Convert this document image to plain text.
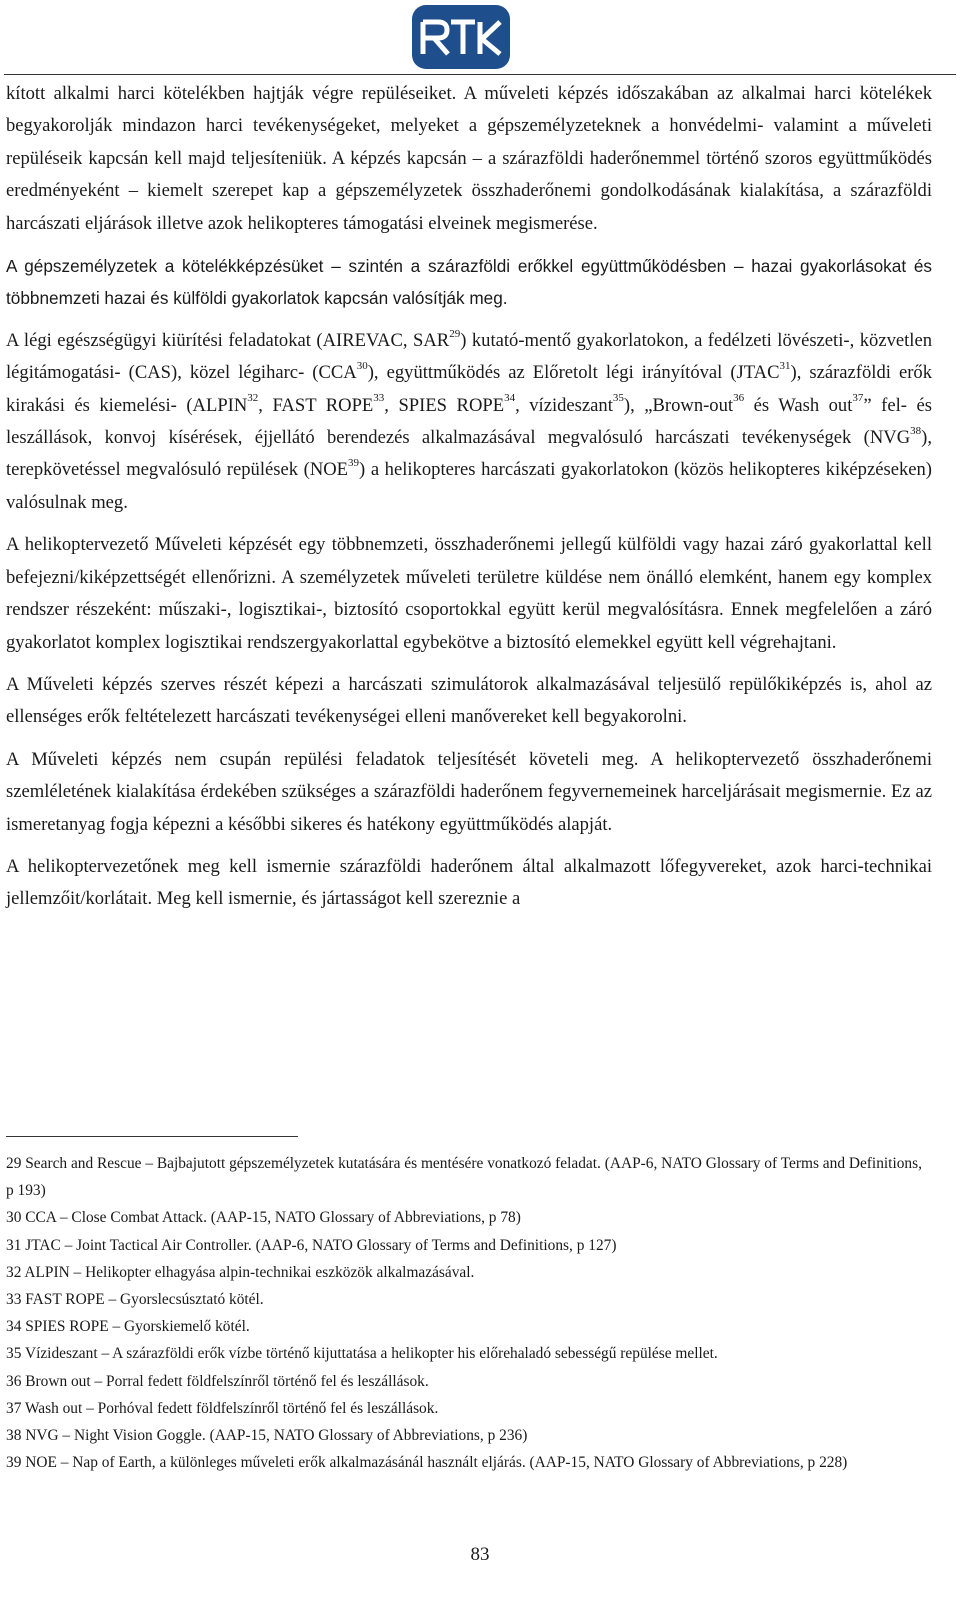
kított alkalmi harci kötelékben hajtják végre repüléseiket. A műveleti képzés időszakában az alkalmai harci kötelékek begyakorolják mindazon harci tevékenységeket, melyeket a gépszemélyzeteknek a honvédelmi- valamint a műveleti repüléseik kapcsán kell majd teljesíteniük. A képzés kapcsán – a szárazföldi haderőnemmel történő szoros együttműködés eredményeként – kiemelt szerepet kap a gépszemélyzetek összhaderőnemi gondolkodásának kialakítása, a szárazföldi harcászati eljárások illetve azok helikopteres támogatási elveinek megismerése.

A gépszemélyzetek a kötelékképzésüket – szintén a szárazföldi erőkkel együttműködésben – hazai gyakorlásokat és többnemzeti hazai és külföldi gyakorlatok kapcsán valósítják meg.

A légi egészségügyi kiürítési feladatokat (AIREVAC, SAR$^{29}$) kutató-mentő gyakorlatokon, a fedélzeti lövészeti-, közvetlen légitámogatási- (CAS), közel légiharc- (CCA$^{30}$), együttműködés az Előretolt légi irányítóval (JTAC$^{31}$), szárazföldi erők kirakási és kiemelési- (ALPIN$^{32}$, FAST ROPE$^{33}$, SPIES ROPE$^{34}$, vízideszant$^{35}$), „Brown-out$^{36}$ és Wash out$^{37}$” fel- és leszállások, konvoj kísérések, éjjellátó berendezés alkalmazásával megvalósuló harcászati tevékenységek (NVG$^{38}$), terepkövetéssel megvalósuló repülések (NOE$^{39}$) a helikopteres harcászati gyakorlatokon (közös helikopteres kiképzéseken) valósulnak meg.

A helikoptervezető Műveleti képzését egy többnemzeti, összhaderőnemi jellegű külföldi vagy hazai záró gyakorlattal kell befejezni/kiképzettségét ellenőrizni. A személyzetek műveleti területre küldése nem önálló elemként, hanem egy komplex rendszer részeként: műszaki-, logisztikai-, biztosító csoportokkal együtt kerül megvalósításra. Ennek megfelelően a záró gyakorlatot komplex logisztikai rendszergyakorlattal egybekötve a biztosító elemekkel együtt kell végrehajtani.

A Műveleti képzés szerves részét képezi a harcászati szimulátorok alkalmazásával teljesülő repülőkiképzés is, ahol az ellenséges erők feltételezett harcászati tevékenységei elleni manővereket kell begyakorolni.

A Műveleti képzés nem csupán repülési feladatok teljesítését követeli meg. A helikoptervezető összhaderőnemi szemléletének kialakítása érdekében szükséges a szárazföldi haderőnem fegyvernemeinek harceljárásait megismernie. Ez az ismeretanyag fogja képezni a későbbi sikeres és hatékony együttműködés alapját.

A helikoptervezetőnek meg kell ismernie szárazföldi haderőnem által alkalmazott lőfegyvereket, azok harci-technikai jellemzőit/korlátait. Meg kell ismernie, és jártasságot kell szereznie a

29 Search and Rescue – Bajbajutott gépszemélyzetek kutatására és mentésére vonatkozó feladat. (AAP-6, NATO Glossary of Terms and Definitions, p 193)

30 CCA – Close Combat Attack. (AAP-15, NATO Glossary of Abbreviations, p 78)

31 JTAC – Joint Tactical Air Controller. (AAP-6, NATO Glossary of Terms and Definitions, p 127)

32 ALPIN – Helikopter elhagyása alpin-technikai eszközök alkalmazásával.

33 FAST ROPE – Gyorslecsúsztató kötél.

34 SPIES ROPE – Gyorskiemelő kötél.

35 Vízideszant – A szárazföldi erők vízbe történő kijuttatása a helikopter his előrehaladó sebességű repülése mellet.

36 Brown out – Porral fedett földfelszínről történő fel és leszállások.

37 Wash out – Porhóval fedett földfelszínről történő fel és leszállások.

38 NVG – Night Vision Goggle. (AAP-15, NATO Glossary of Abbreviations, p 236)

39 NOE – Nap of Earth, a különleges műveleti erők alkalmazásánál használt eljárás. (AAP-15, NATO Glossary of Abbreviations, p 228)

83
